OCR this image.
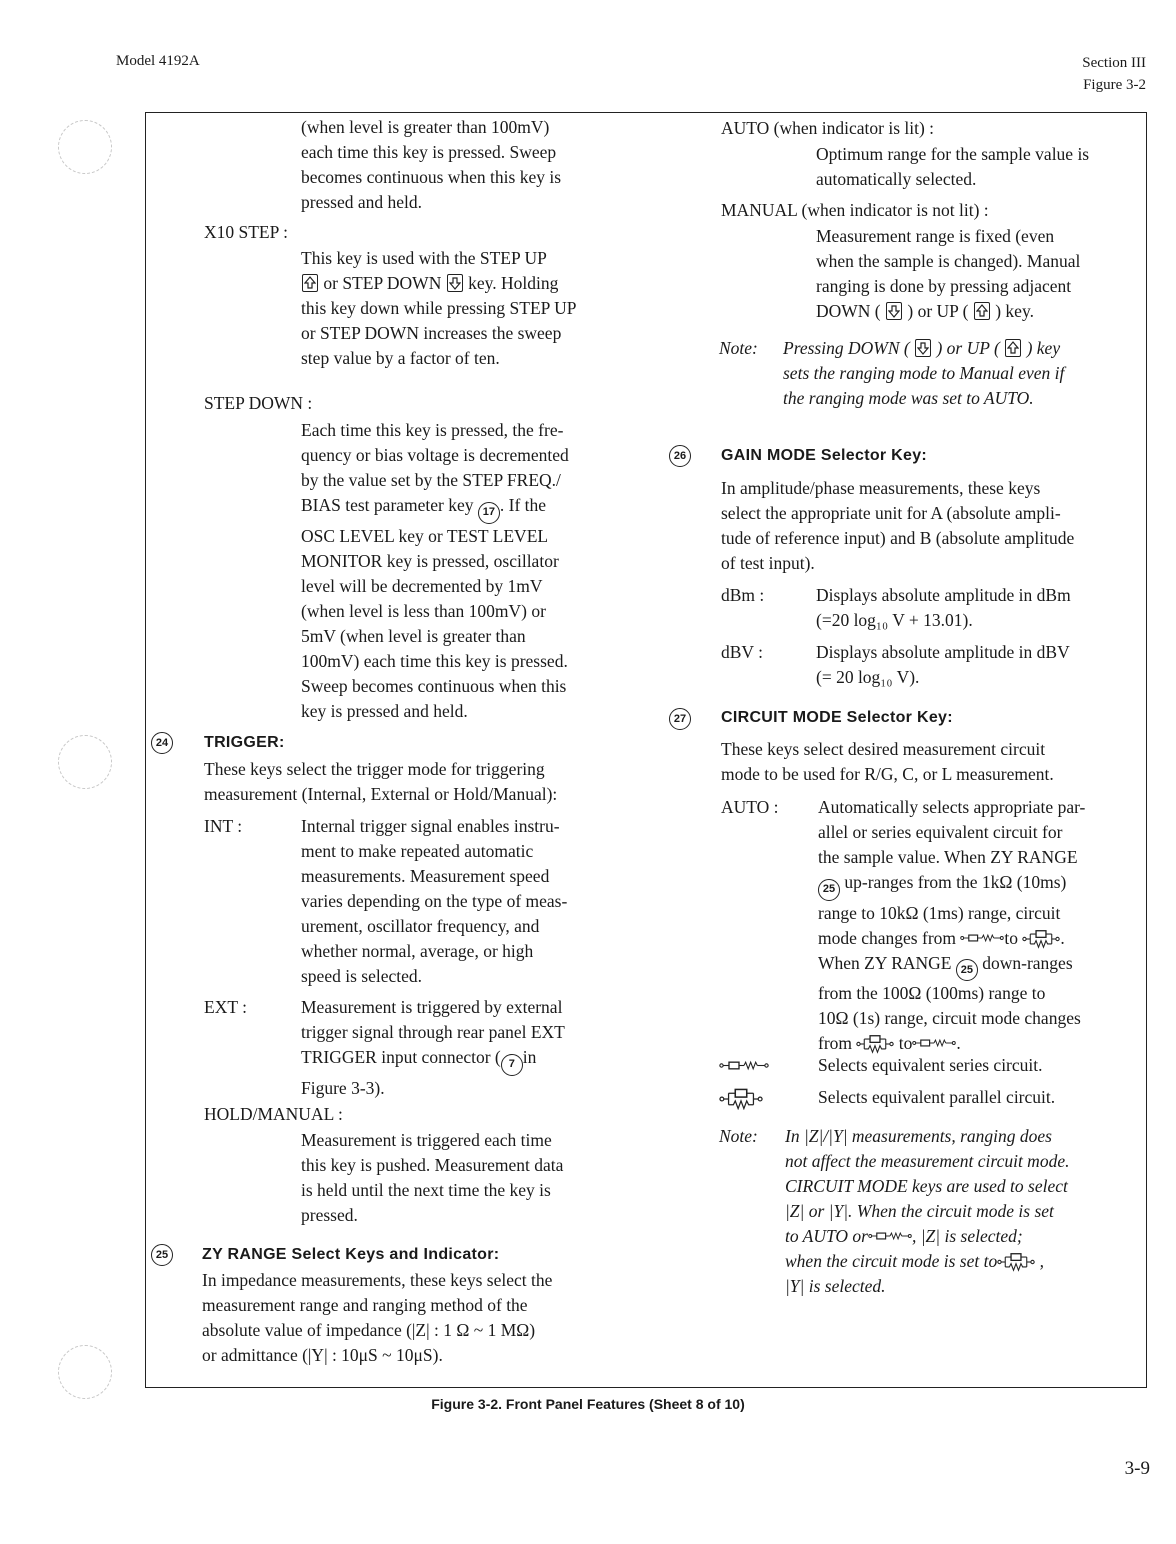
Model 4192A	Section III
Figure 3-2
(when level is greater than 100mV)
each time this key is pressed. Sweep
becomes continuous when this key is
pressed and held.
X10 STEP :
This key is used with the STEP UP
or STEP DOWN key. Holding
this key down while pressing STEP UP
or STEP DOWN increases the sweep
step value by a factor of ten.
STEP DOWN :
Each time this key is pressed, the fre-
quency or bias voltage is decremented
by the value set by the STEP FREQ./
BIAS test parameter key 17 . If the
OSC LEVEL key or TEST LEVEL
MONITOR key is pressed, oscillator
level will be decremented by 1mV
(when level is less than 100mV) or
5mV (when level is greater than
100mV) each time this key is pressed.
Sweep becomes continuous when this
key is pressed and held.
24	TRIGGER:
These keys select the trigger mode for triggering
measurement (Internal, External or Hold/Manual):
INT :	Internal trigger signal enables instru-
ment to make repeated automatic
measurements. Measurement speed
varies depending on the type of meas-
urement, oscillator frequency, and
whether normal, average, or high
speed is selected.
EXT :	Measurement is triggered by external
trigger signal through rear panel EXT
TRIGGER input connector ( 7 in
Figure 3-3).
HOLD/MANUAL :
Measurement is triggered each time
this key is pushed. Measurement data
is held until the next time the key is
pressed.
25	ZY RANGE Select Keys and Indicator:
In impedance measurements, these keys select the
measurement range and ranging method of the
absolute value of impedance (|Z| : 1 Ω ~ 1 MΩ)
or admittance (|Y| : 10μS ~ 10μS).
AUTO (when indicator is lit) :
Optimum range for the sample value is
automatically selected.
MANUAL (when indicator is not lit) :
Measurement range is fixed (even
when the sample is changed). Manual
ranging is done by pressing adjacent
DOWN ( ) or UP ( ) key.
Note: Pressing DOWN ( ) or UP ( ) key
sets the ranging mode to Manual even if
the ranging mode was set to AUTO.
26	GAIN MODE Selector Key:
In amplitude/phase measurements, these keys
select the appropriate unit for A (absolute ampli-
tude of reference input) and B (absolute amplitude
of test input).
dBm :	Displays absolute amplitude in dBm
(=20 log₁₀ V + 13.01).
dBV :	Displays absolute amplitude in dBV
(= 20 log₁₀ V).
27	CIRCUIT MODE Selector Key:
These keys select desired measurement circuit
mode to be used for R/G, C, or L measurement.
AUTO : Automatically selects appropriate par-
allel or series equivalent circuit for
the sample value. When ZY RANGE
25 up-ranges from the 1kΩ (10ms)
range to 10kΩ (1ms) range, circuit
mode changes from	to .
When ZY RANGE 25 down-ranges
from the 100Ω (100ms) range to
10Ω (1s) range, circuit mode changes
from	to	.
Selects equivalent series circuit.
Selects equivalent parallel circuit.
Note: In |Z|/|Y| measurements, ranging does
not affect the measurement circuit mode.
CIRCUIT MODE keys are used to select
|Z| or |Y|. When the circuit mode is set
to AUTO or	, |Z| is selected;
when the circuit mode is set to ,
|Y| is selected.
Figure 3-2. Front Panel Features (Sheet 8 of 10)
3-9
